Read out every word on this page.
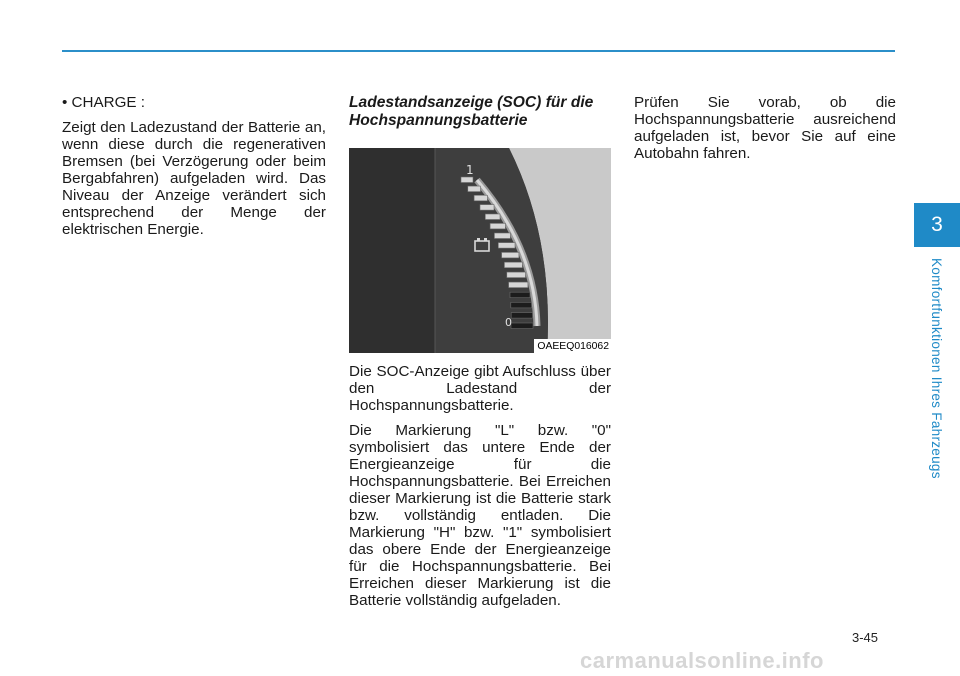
• CHARGE :

Zeigt den Ladezustand der Batterie an, wenn diese durch die regenerativen Bremsen (bei Verzögerung oder beim Bergabfahren) aufgeladen wird. Das Niveau der Anzeige verändert sich entsprechend der Menge der elektrischen Energie.

Ladestandsanzeige (SOC) für die Hochspannungsbatterie
1
0
OAEEQ016062

Die SOC-Anzeige gibt Aufschluss über den Ladestand der Hochspannungsbatterie.

Die Markierung "L" bzw. "0" symbolisiert das untere Ende der Energieanzeige für die Hochspannungsbatterie. Bei Erreichen dieser Markierung ist die Batterie stark bzw. vollständig entladen. Die Markierung "H" bzw. "1" symbolisiert das obere Ende der Energieanzeige für die Hochspannungsbatterie. Bei Erreichen dieser Markierung ist die Batterie vollständig aufgeladen.

Prüfen Sie vorab, ob die Hochspannungsbatterie ausreichend aufgeladen ist, bevor Sie auf eine Autobahn fahren.

3
Komfortfunktionen Ihres Fahrzeugs
3-45
carmanualsonline.info
